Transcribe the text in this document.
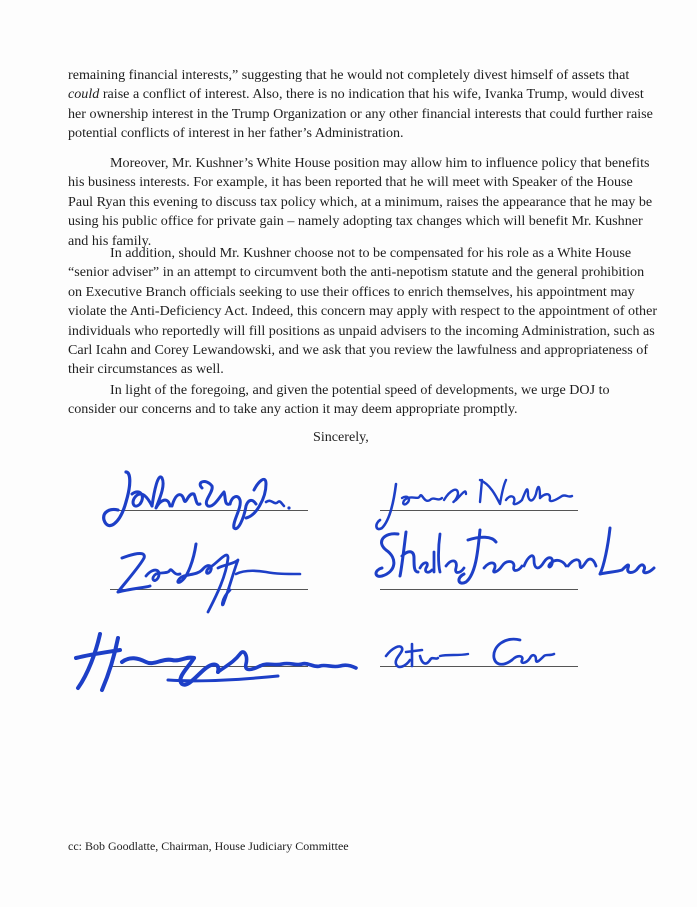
remaining financial interests,” suggesting that he would not completely divest himself of assets that could raise a conflict of interest. Also, there is no indication that his wife, Ivanka Trump, would divest her ownership interest in the Trump Organization or any other financial interests that could further raise potential conflicts of interest in her father’s Administration.

Moreover, Mr. Kushner’s White House position may allow him to influence policy that benefits his business interests. For example, it has been reported that he will meet with Speaker of the House Paul Ryan this evening to discuss tax policy which, at a minimum, raises the appearance that he may be using his public office for private gain – namely adopting tax changes which will benefit Mr. Kushner and his family.

In addition, should Mr. Kushner choose not to be compensated for his role as a White House “senior adviser” in an attempt to circumvent both the anti-nepotism statute and the general prohibition on Executive Branch officials seeking to use their offices to enrich themselves, his appointment may violate the Anti-Deficiency Act. Indeed, this concern may apply with respect to the appointment of other individuals who reportedly will fill positions as unpaid advisers to the incoming Administration, such as Carl Icahn and Corey Lewandowski, and we ask that you review the lawfulness and appropriateness of their circumstances as well.

In light of the foregoing, and given the potential speed of developments, we urge DOJ to consider our concerns and to take any action it may deem appropriate promptly.

Sincerely,

cc: Bob Goodlatte, Chairman, House Judiciary Committee
